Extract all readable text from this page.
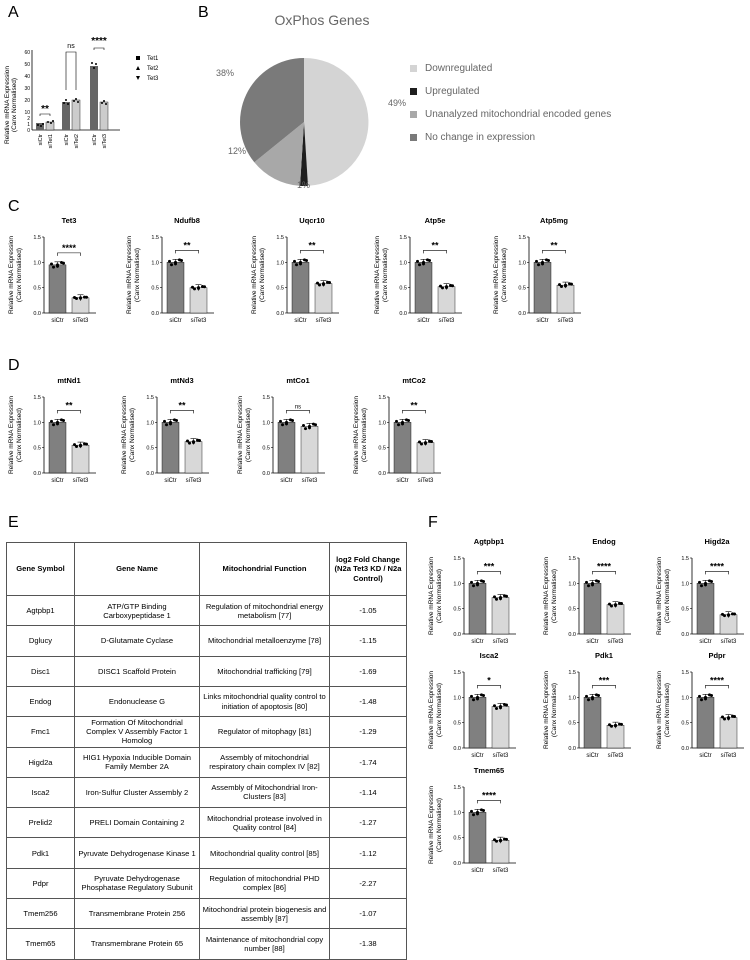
A	B
C
D
E	F
Relative mRNA Expression (Canx Normalised) 0
1
2
10
20
30
40
50
60
**
ns ****
siCtr siTet1 siCtr siTet2 siCtr siTet3
Tet1
Tet2
Tet3
OxPhos Genes
49%
1%
12%
38%	Downregulated
Upregulated
Unanalyzed mitochondrial encoded genes
No change in expression
Tet3
Relative mRNA Expression (Canx Normalised)
0.0
0.5
1.0
1.5
siCtr siTet3
****
Ndufb8
Relative mRNA Expression (Canx Normalised)
0.0
0.5
1.0
1.5
siCtr siTet3
**
Uqcr10
Relative mRNA Expression (Canx Normalised)
0.0
0.5
1.0
1.5
siCtr siTet3
**
Atp5e
Relative mRNA Expression (Canx Normalised)
0.0
0.5
1.0
1.5
siCtr siTet3
**
Atp5mg
Relative mRNA Expression (Canx Normalised)
0.0
0.5
1.0
1.5
siCtr siTet3
**
mtNd1
Relative mRNA Expression (Canx Normalised)
0.0
0.5
1.0
1.5
siCtr siTet3
**
mtNd3
Relative mRNA Expression (Canx Normalised)
0.0
0.5
1.0
1.5
siCtr siTet3
**
mtCo1
Relative mRNA Expression (Canx Normalised)
0.0
0.5
1.0
1.5
siCtr siTet3
ns
mtCo2
Relative mRNA Expression (Canx Normalised)
0.0
0.5
1.0
1.5
siCtr siTet3
**
Agtpbp1
Relative mRNA Expression (Canx Normalised)
0.0
0.5
1.0
1.5
siCtr siTet3
***
Endog
Relative mRNA Expression (Canx Normalised)
0.0
0.5
1.0
1.5
siCtr siTet3
****
Higd2a
Relative mRNA Expression (Canx Normalised)
0.0
0.5
1.0
1.5
siCtr siTet3
****
Isca2
Relative mRNA Expression (Canx Normalised)
0.0
0.5
1.0
1.5
siCtr siTet3
*
Pdk1
Relative mRNA Expression (Canx Normalised)
0.0
0.5
1.0
1.5
siCtr siTet3
***
Pdpr
Relative mRNA Expression (Canx Normalised)
0.0
0.5
1.0
1.5
siCtr siTet3
****
Tmem65
Relative mRNA Expression (Canx Normalised)
0.0
0.5
1.0
1.5
siCtr siTet3
****
Gene Symbol	Gene Name	Mitochondrial Function	log2 Fold Change (N2a Tet3 KD / N2a Control)
Agtpbp1	ATP/GTP Binding Carboxypeptidase 1	Regulation of mitochondrial energy metabolism [77]	-1.05
Dglucy	D-Glutamate Cyclase	Mitochondrial metalloenzyme [78]	-1.15
Disc1	DISC1 Scaffold Protein	Mitochondrial trafficking [79]	-1.69
Endog	Endonuclease G	Links mitochondrial quality control to initiation of apoptosis [80]	-1.48
Fmc1	Formation Of Mitochondrial Complex V Assembly Factor 1 Homolog	Regulator of mitophagy [81]	-1.29
Higd2a	HIG1 Hypoxia Inducible Domain Family Member 2A	Assembly of mitochondrial respiratory chain complex IV [82]	-1.74
Isca2	Iron-Sulfur Cluster Assembly 2	Assembly of Mitochondrial Iron-Clusters [83]	-1.14
Prelid2	PRELI Domain Containing 2	Mitochondrial protease involved in Quality control [84]	-1.27
Pdk1	Pyruvate Dehydrogenase Kinase 1	Mitochondrial quality control [85]	-1.12
Pdpr	Pyruvate Dehydrogenase Phosphatase Regulatory Subunit	Regulation of mitochondrial PHD complex [86]	-2.27
Tmem256	Transmembrane Protein 256	Mitochondrial protein biogenesis and assembly [87]	-1.07
Tmem65	Transmembrane Protein 65	Maintenance of mitochondrial copy number [88]	-1.38
